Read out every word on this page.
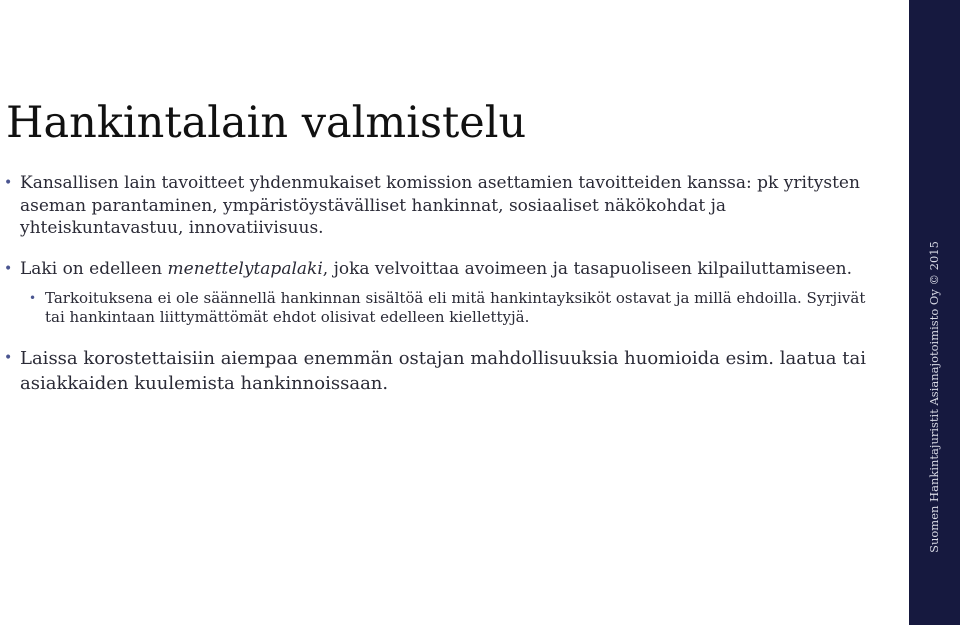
Hankintalain valmistelu
• Kansallisen lain tavoitteet yhdenmukaiset komission asettamien tavoitteiden kanssa: pk yritysten aseman parantaminen, ympäristöystävälliset hankinnat, sosiaaliset näkökohdat ja yhteiskuntavastuu, innovatiivisuus.
• Laki on edelleen menettelytapalaki, joka velvoittaa avoimeen ja tasapuoliseen kilpailuttamiseen.
• Tarkoituksena ei ole säännellä hankinnan sisältöä eli mitä hankintayksiköt ostavat ja millä ehdoilla. Syrjivät tai hankintaan liittymättömät ehdot olisivat edelleen kiellettyjä.
• Laissa korostettaisiin aiempaa enemmän ostajan mahdollisuuksia huomioida esim. laatua tai asiakkaiden kuulemista hankinnoissaan.	Suomen Hankintajuristit Asianajotoimisto Oy © 2015
